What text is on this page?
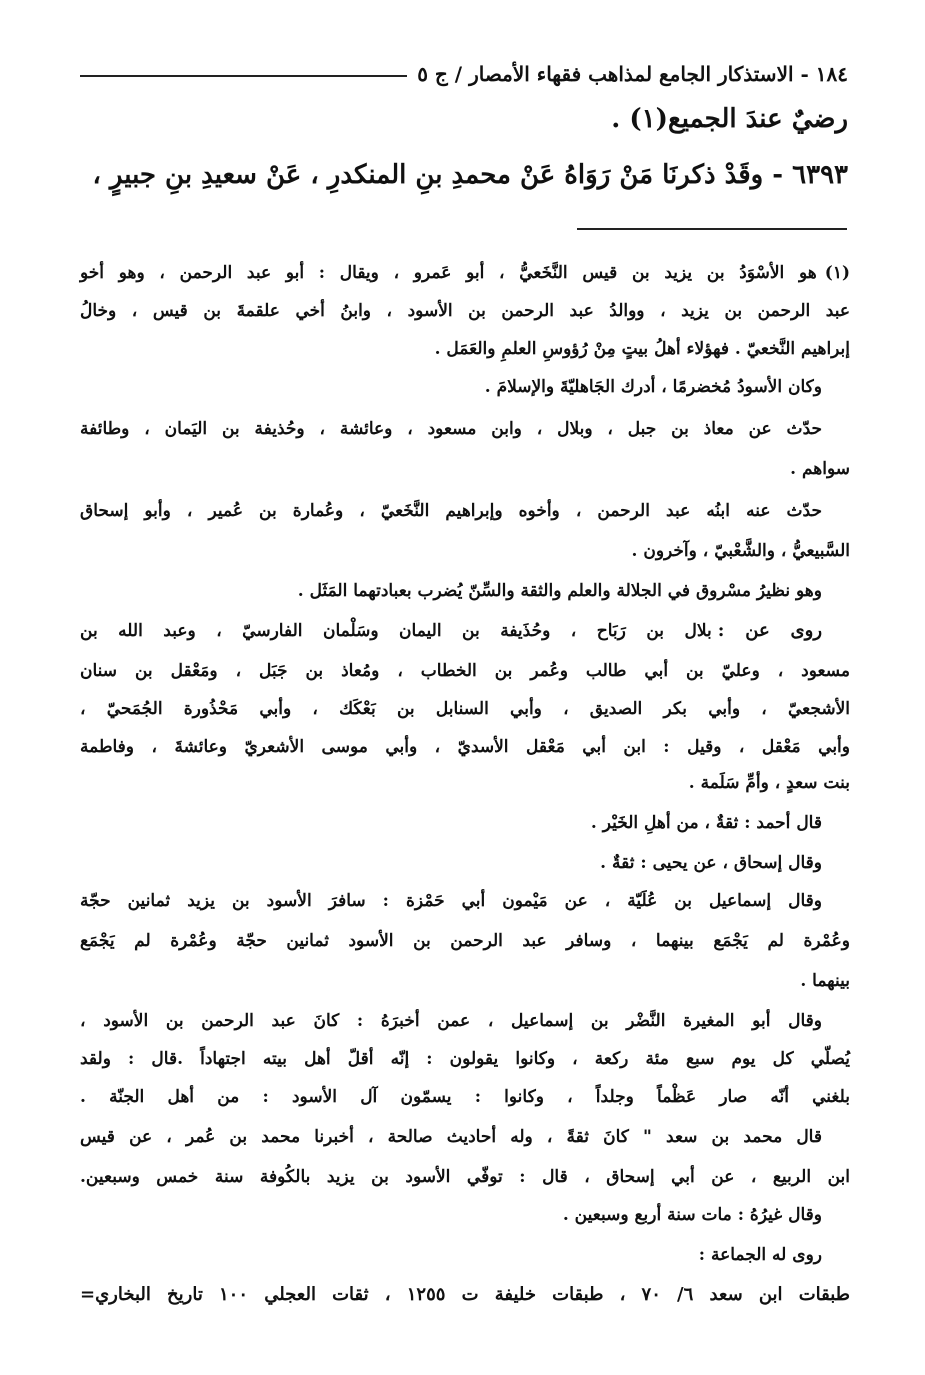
١٨٤ - الاستذكار الجامع لمذاهب فقهاء الأمصار / ج ٥
رضيٌ عندَ الجميع(١) .
٦٣٩٣ - وقَدْ ذكرنَا مَنْ رَوَاهُ عَنْ محمدِ بنِ المنكدرِ ، عَنْ سعيدِ بنِ جبيرٍ ،
(١)هو الأسْوَدُ بن يزيد بن قيس النَّخَعيُّ ، أبو عَمرو ، ويقال : أبو عبد الرحمن ، وهو أخو
عبد الرحمن بن يزيد ، ووالدُ عبد الرحمن بن الأسود ، وابنُ أخي علقمةَ بن قيس ، وخالُ
إبراهيم النَّخعيّ . فهؤلاء أهلُ بيتٍ مِنْ رُؤوسِ العلمِ والعَمَل .
وكان الأسودُ مُخضرمًا ، أدرك الجَاهليّةَ والإسلامَ .
حدّث عن معاذ بن جبل ، وبلال ، وابن مسعود ، وعائشة ، وحُذيفة بن اليَمان ، وطائفة
سواهم .
حدّث عنه ابنُه عبد الرحمن ، وأخوه وإبراهيم النَّخَعيّ ، وعُمارة بن عُمير ، وأبو إسحاق
السَّبيعيُّ ، والشَّعْبيّ ، وآخرون .
وهو نظيرُ مسْروق في الجلالة والعلم والثقة والسِّنّ يُضرب بعبادتهما المَثَل .
روى عن :بلال بن رَبَاح ، وحُذَيفة بن اليمان وسَلْمان الفارسيّ ، وعبد الله بن
مسعود ، وعليّ بن أبي طالب وعُمر بن الخطاب ، ومُعاذ بن جَبَل ، ومَعْقل بن سنان
الأشجعيّ ، وأبي بكر الصديق ، وأبي السنابل بن بَعْكَك ، وأبي مَحْذُورة الجُمَحيّ ،
وأبي مَعْقل ، وقيل : ابن أبي مَعْقل الأسديّ ، وأبي موسى الأشعريّ وعائشةَ ، وفاطمة
بنت سعدٍ ، وأمِّ سَلَمة .
قال أحمد : ثقةٌ ، من أهلِ الخَيْر .
وقال إسحاق ، عن يحيى : ثقةٌ .
وقال إسماعيل بن عُلَيّة ، عن مَيْمون أبي حَمْزة : سافرَ الأسود بن يزيد ثمانين حجّة
وعُمْرة لم يَجْمَع بينهما ، وسافر عبد الرحمن بن الأسود ثمانين حجّة وعُمْرة لم يَجْمَع
بينهما .
وقال أبو المغيرة النَّضْر بن إسماعيل ، عمن أخبرَهُ : كانَ عبد الرحمن بن الأسود ،
يُصلّي كل يوم سبع مئة ركعة ، وكانوا يقولون : إنّه أقلّ أهل بيته اجتهاداً .قال : ولقد
بلغني أنّه صار عَظْماً وجلداً ، وكانوا : يسمّون آل الأسود : من أهل الجنّة .
قال محمد بن سعد " كانَ ثقةً ، وله أحاديث صالحة ، أخبرنا محمد بن عُمر ، عن قيس
ابن الربيع ، عن أبي إسحاق ، قال : توفّي الأسود بن يزيد بالكُوفة سنة خمس وسبعين.
وقال غيرُهُ : مات سنة أربع وسبعين .
روى له الجماعة :
طبقات ابن سعد ٦/ ٧٠ ، طبقات خليفة ت ١٢٥٥ ، ثقات العجلي ١٠٠ تاريخ البخاري=
